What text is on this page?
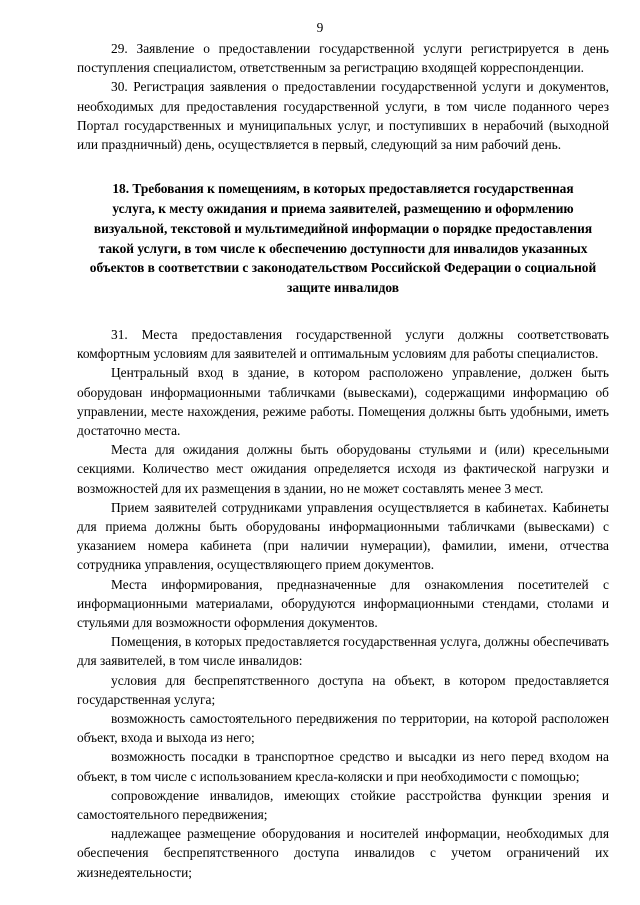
9

29. Заявление о предоставлении государственной услуги регистрируется в день поступления специалистом, ответственным за регистрацию входящей корреспонденции.

30. Регистрация заявления о предоставлении государственной услуги и документов, необходимых для предоставления государственной услуги, в том числе поданного через Портал государственных и муниципальных услуг, и поступивших в нерабочий (выходной или праздничный) день, осуществляется в первый, следующий за ним рабочий день.

18. Требования к помещениям, в которых предоставляется государственная
услуга, к месту ожидания и приема заявителей, размещению и оформлению
визуальной, текстовой и мультимедийной информации о порядке предоставления
такой услуги, в том числе к обеспечению доступности для инвалидов указанных
объектов в соответствии с законодательством Российской Федерации о социальной
защите инвалидов

31. Места предоставления государственной услуги должны соответствовать комфортным условиям для заявителей и оптимальным условиям для работы специалистов.

Центральный вход в здание, в котором расположено управление, должен быть оборудован информационными табличками (вывесками), содержащими информацию об управлении, месте нахождения, режиме работы. Помещения должны быть удобными, иметь достаточно места.

Места для ожидания должны быть оборудованы стульями и (или) кресельными секциями. Количество мест ожидания определяется исходя из фактической нагрузки и возможностей для их размещения в здании, но не может составлять менее 3 мест.

Прием заявителей сотрудниками управления осуществляется в кабинетах. Кабинеты для приема должны быть оборудованы информационными табличками (вывесками) с указанием номера кабинета (при наличии нумерации), фамилии, имени, отчества сотрудника управления, осуществляющего прием документов.

Места информирования, предназначенные для ознакомления посетителей с информационными материалами, оборудуются информационными стендами, столами и стульями для возможности оформления документов.

Помещения, в которых предоставляется государственная услуга, должны обеспечивать для заявителей, в том числе инвалидов:

условия для беспрепятственного доступа на объект, в котором предоставляется государственная услуга;

возможность самостоятельного передвижения по территории, на которой расположен объект, входа и выхода из него;

возможность посадки в транспортное средство и высадки из него перед входом на объект, в том числе с использованием кресла-коляски и при необходимости с помощью;

сопровождение инвалидов, имеющих стойкие расстройства функции зрения и самостоятельного передвижения;

надлежащее размещение оборудования и носителей информации, необходимых для обеспечения беспрепятственного доступа инвалидов с учетом ограничений их жизнедеятельности;
